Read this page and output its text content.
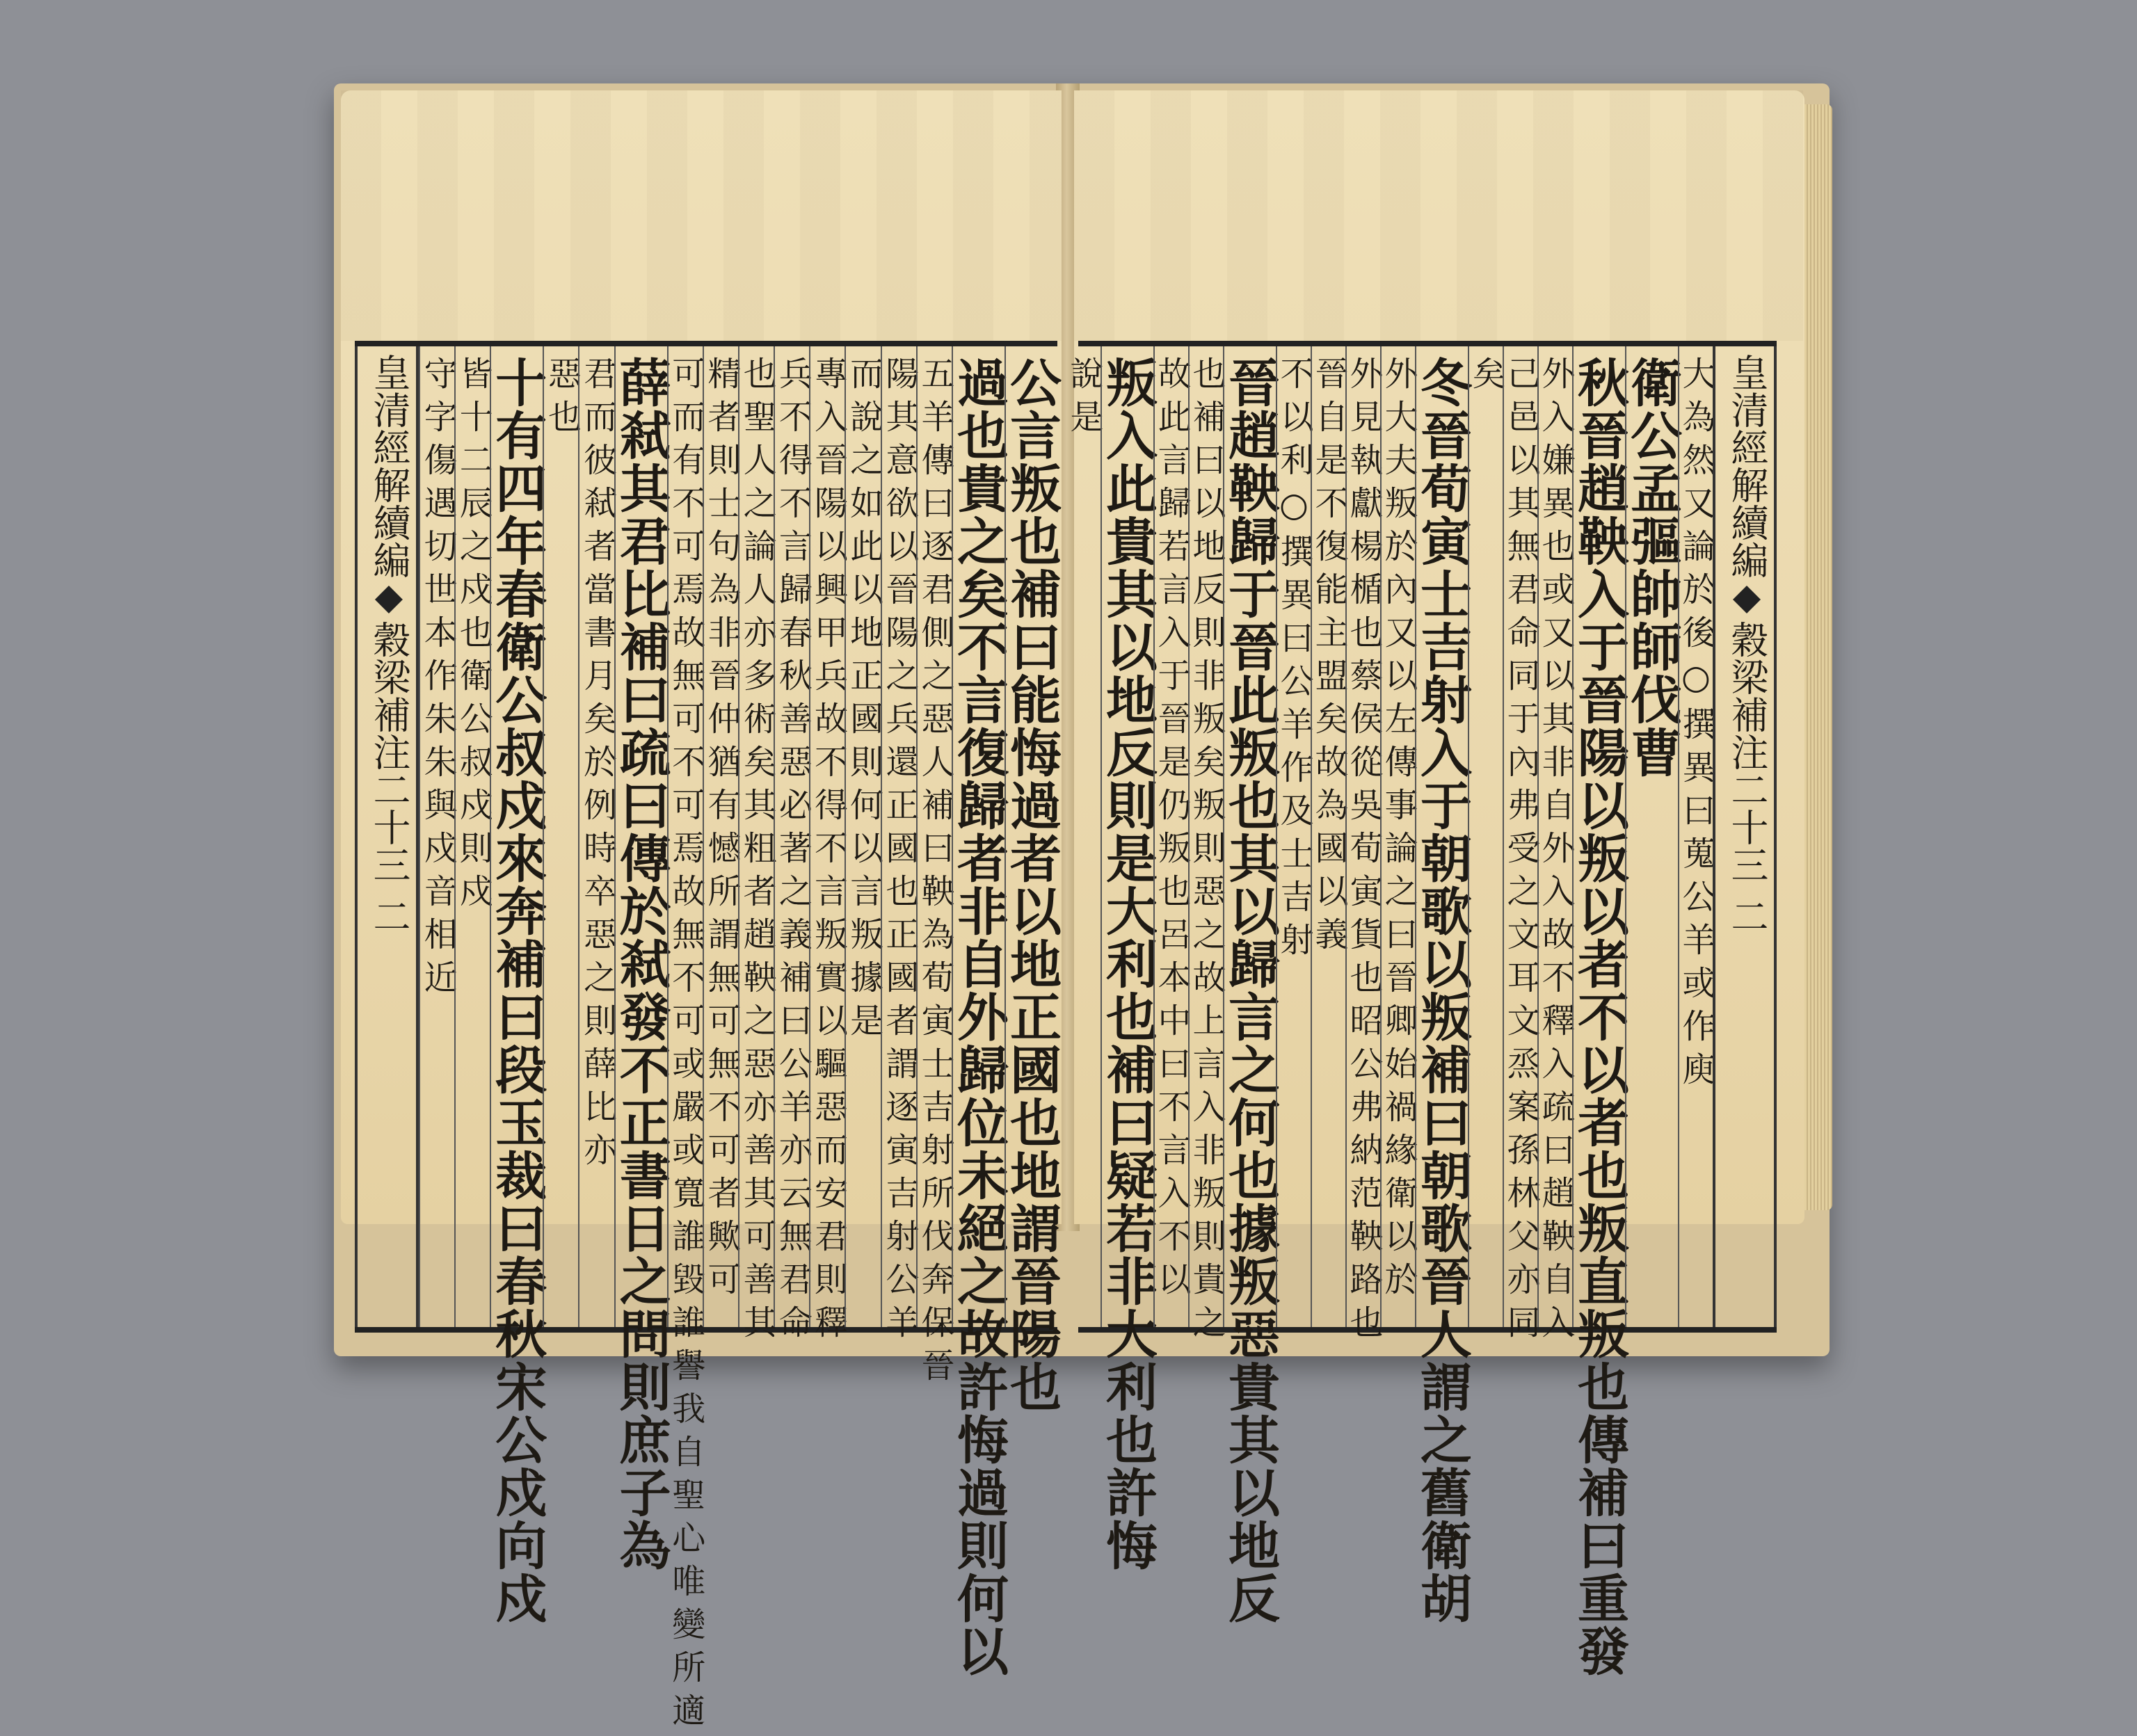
公言叛也補曰能悔過者以地正國也地謂晉陽也
過也貴之矣不言復歸者非自外歸位未絕之故許悔過則何以
五羊傳曰逐君側之惡人補曰鞅為荀寅士吉射所伐奔保晉
陽其意欲以晉陽之兵還正國也正國者謂逐寅吉射公羊
而說之如此以地正國則何以言叛據是
專入晉陽以興甲兵故不得不言叛實以驅惡而安君則釋
兵不得不言歸春秋善惡必著之義補曰公羊亦云無君命
也聖人之論人亦多術矣其粗者趙鞅之惡亦善其可善其
精者則士句為非晉仲猶有憾所謂無可無不可者歟可
可而有不可焉故無可不可焉故無不可或嚴或寬誰毀誰譽我自聖心唯變所適
薛弒其君比補曰疏曰傳於弒發不正書日之問則庶子為
君而彼弒者當書月矣於例時卒惡之則薛比亦
惡也
十有四年春衛公叔戍來奔補曰段玉裁曰春秋宋公戍向戍
皆十二辰之戍也衛公叔戍則戍
守字傷遇切世本作朱朱與戍音相近
皇清經解續編穀梁補注二十三二
皇清經解續編穀梁補注二十三二
大為然又論於後○撰異曰蒐公羊或作庾
衛公孟彄帥師伐曹
秋晉趙鞅入于晉陽以叛以者不以者也叛直叛也傳補曰重發
外入嫌異也或又以其非自外入故不釋入疏曰趙鞅自入
己邑以其無君命同于內弗受之文耳文烝案孫林父亦同
矣
冬晉荀寅士吉射入于朝歌以叛補曰朝歌晉人謂之舊衛胡
外大夫叛於內又以左傳事論之曰晉卿始禍緣衛以於
外見執獻楊楯也蔡侯從吳荀寅貨也昭公弗納范鞅路也
晉自是不復能主盟矣故為國以義
不以利○撰異曰公羊作及士吉射
晉趙鞅歸于晉此叛也其以歸言之何也據叛惡貴其以地反
也補曰以地反則非叛矣叛則惡之故上言入非叛則貴之
故此言歸若言入于晉是仍叛也呂本中曰不言入不以
叛入此貴其以地反則是大利也補曰疑若非大利也許悔
說是
